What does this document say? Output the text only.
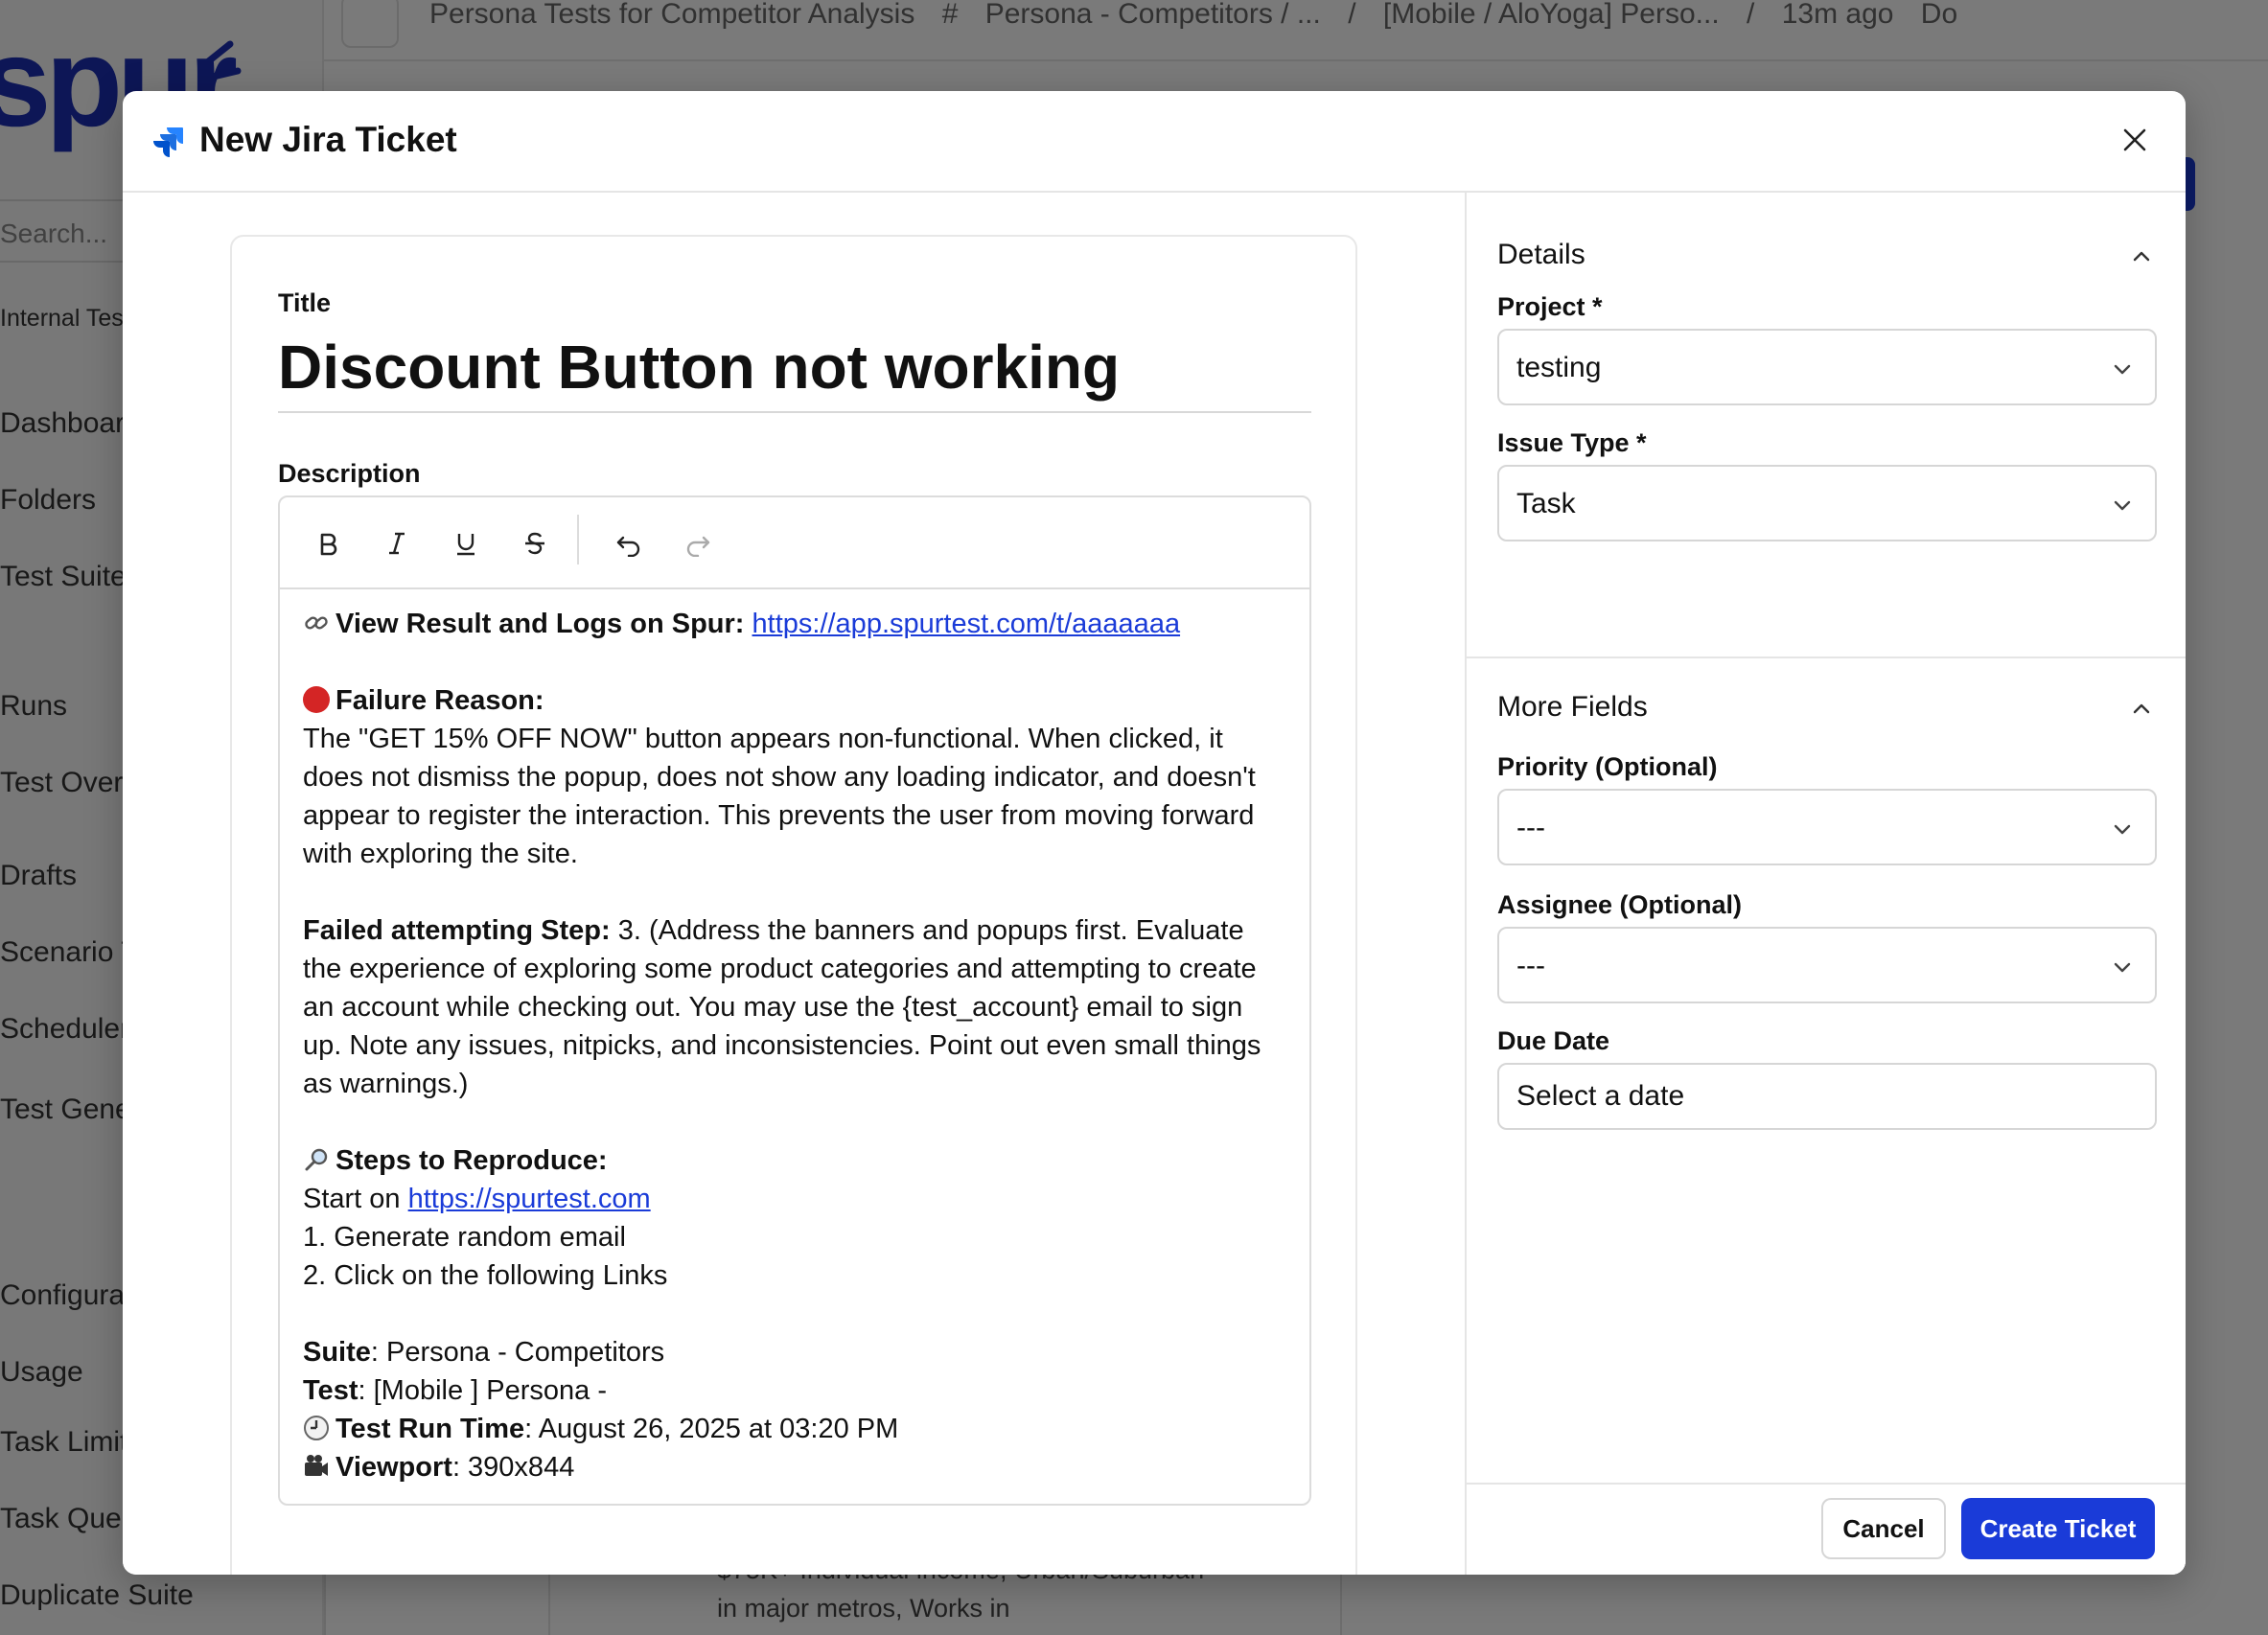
New Jira Ticket
Title
Discount Button not working
Description

View Result and Logs on Spur: https://app.spurtest.com/t/aaaaaaa

Failure Reason:

The "GET 15% OFF NOW" button appears non-functional. When clicked, it does not dismiss the popup, does not show any loading indicator, and doesn't appear to register the interaction. This prevents the user from moving forward with exploring the site.

Failed attempting Step: 3. (Address the banners and popups first. Evaluate the experience of exploring some product categories and attempting to create an account while checking out. You may use the {test_account} email to sign up. Note any issues, nitpicks, and inconsistencies. Point out even small things as warnings.)

Steps to Reproduce:

Start on https://spurtest.com

1. Generate random email

2. Click on the following Links

Suite: Persona - Competitors

Test: [Mobile ] Persona -

Test Run Time: August 26, 2025 at 03:20 PM

Viewport: 390x844

Details
Project *
testing
Issue Type *
Task
More Fields
Priority (Optional)
---
Assignee (Optional)
---
Due Date
Select a date
Cancel	Create Ticket
